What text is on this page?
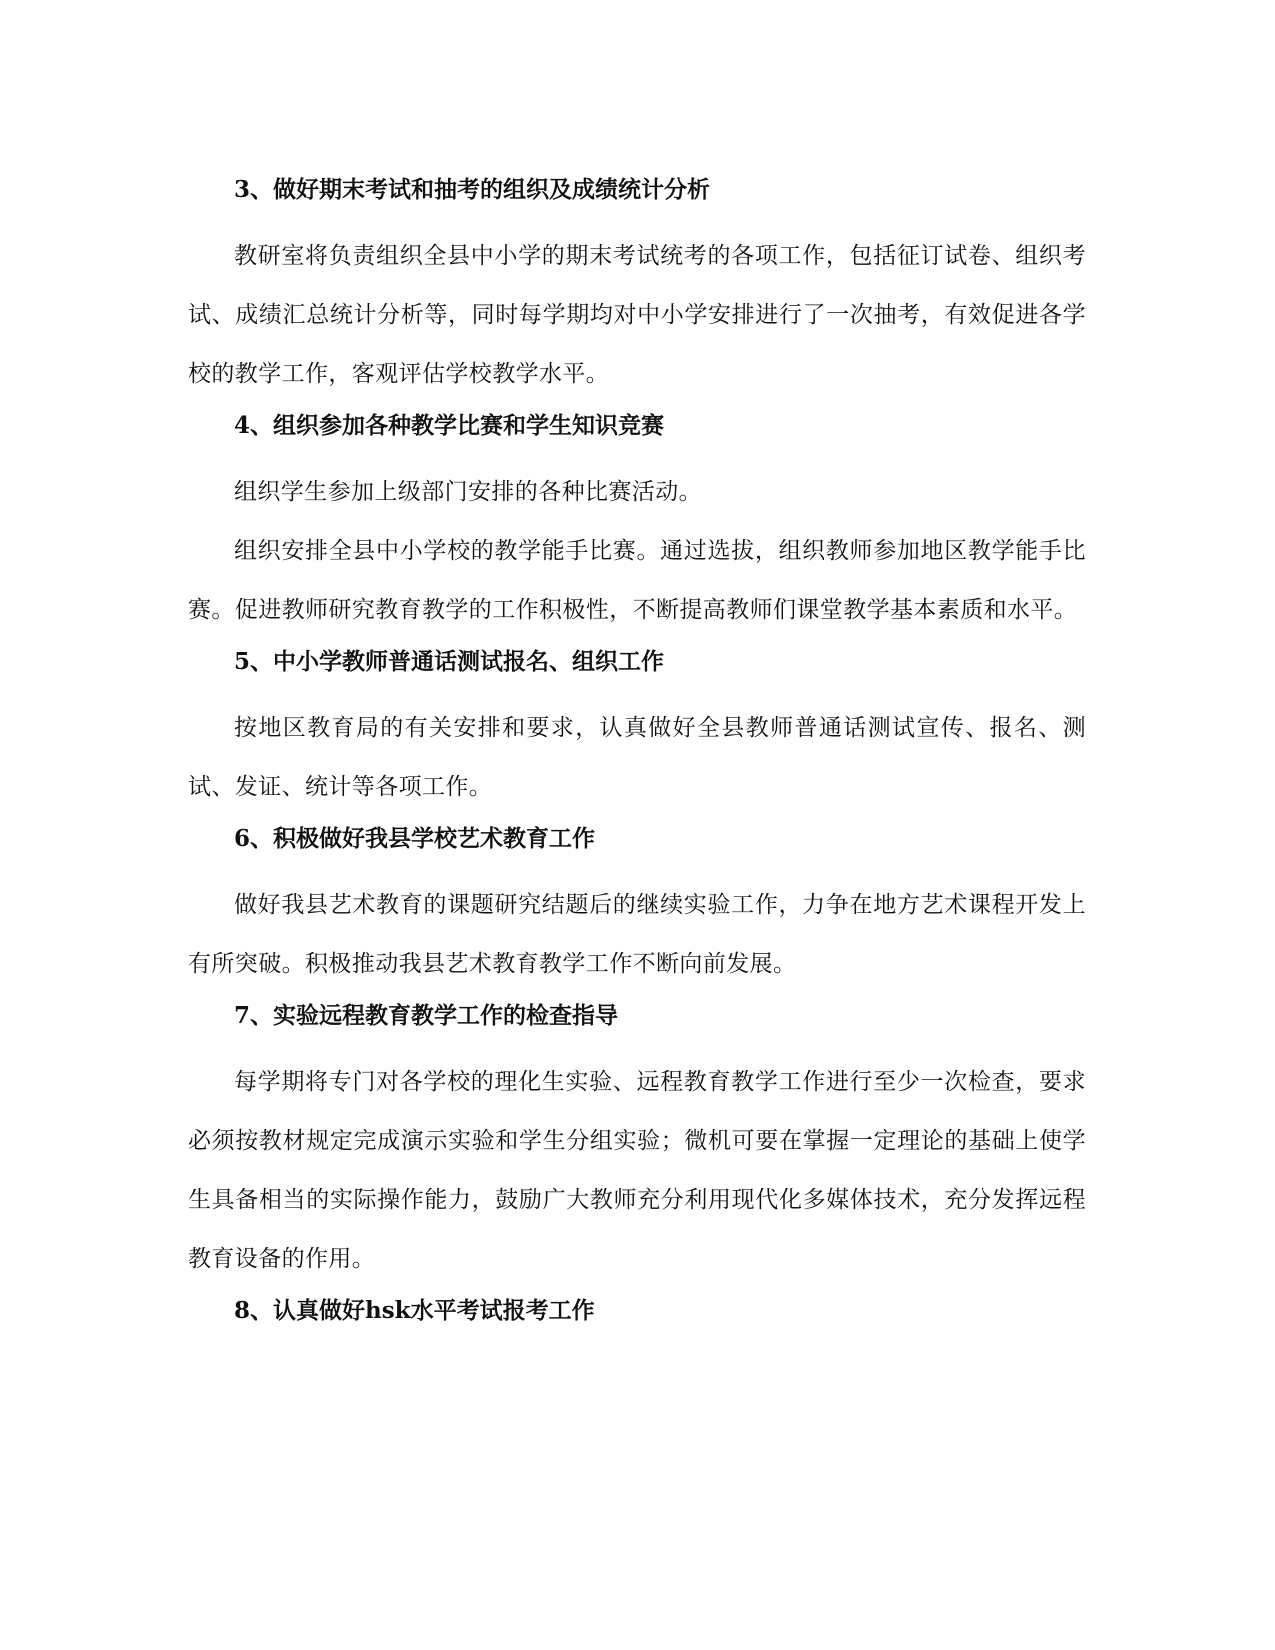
3、做好期末考试和抽考的组织及成绩统计分析

教研室将负责组织全县中小学的期末考试统考的各项工作，包括征订试卷、组织考试、成绩汇总统计分析等，同时每学期均对中小学安排进行了一次抽考，有效促进各学校的教学工作，客观评估学校教学水平。

4、组织参加各种教学比赛和学生知识竞赛

组织学生参加上级部门安排的各种比赛活动。

组织安排全县中小学校的教学能手比赛。通过选拔，组织教师参加地区教学能手比赛。促进教师研究教育教学的工作积极性，不断提高教师们课堂教学基本素质和水平。

5、中小学教师普通话测试报名、组织工作

按地区教育局的有关安排和要求，认真做好全县教师普通话测试宣传、报名、测试、发证、统计等各项工作。

6、积极做好我县学校艺术教育工作

做好我县艺术教育的课题研究结题后的继续实验工作，力争在地方艺术课程开发上有所突破。积极推动我县艺术教育教学工作不断向前发展。

7、实验远程教育教学工作的检查指导

每学期将专门对各学校的理化生实验、远程教育教学工作进行至少一次检查，要求必须按教材规定完成演示实验和学生分组实验；微机可要在掌握一定理论的基础上使学生具备相当的实际操作能力，鼓励广大教师充分利用现代化多媒体技术，充分发挥远程教育设备的作用。

8、认真做好hsk水平考试报考工作
